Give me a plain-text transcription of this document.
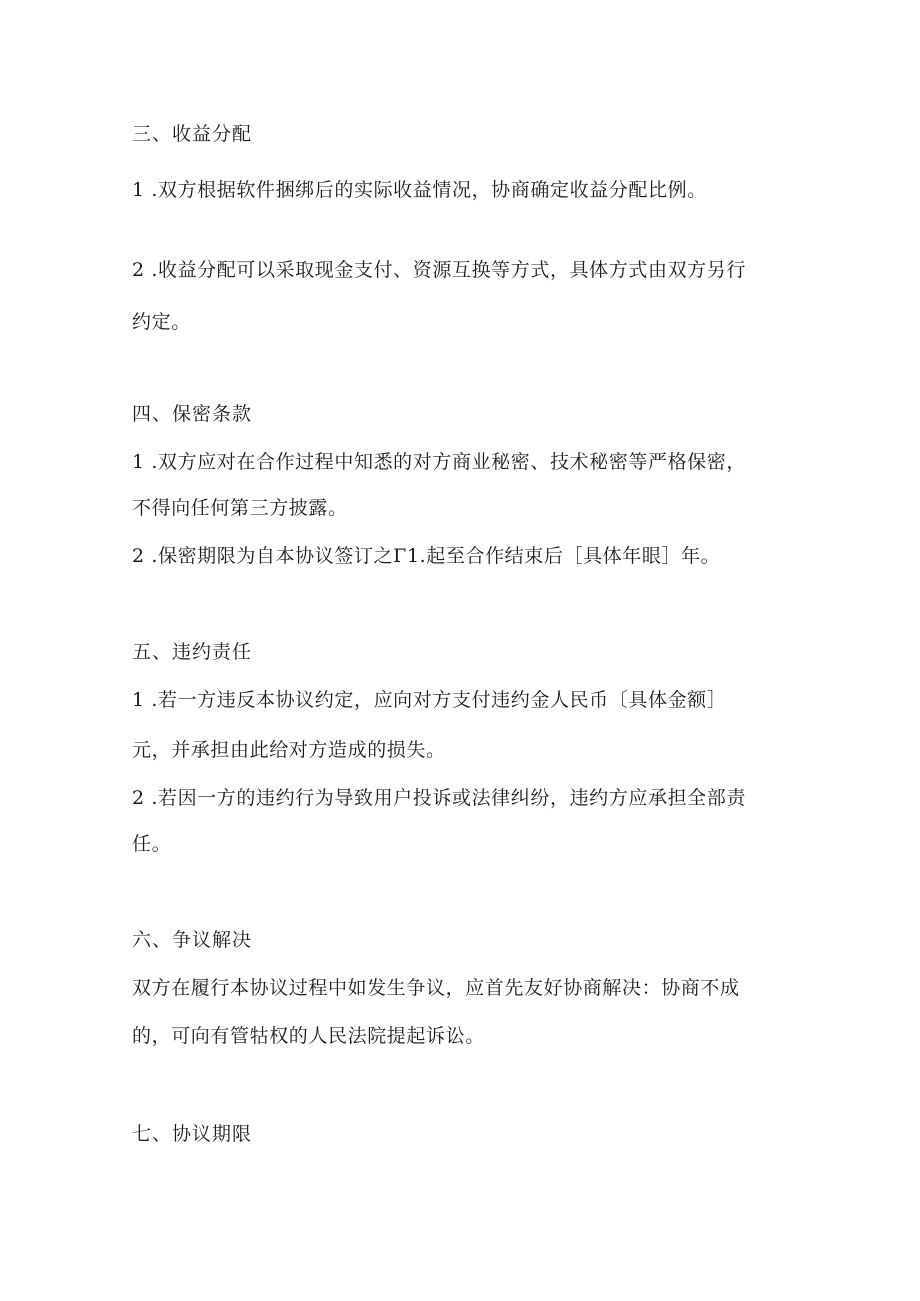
三、收益分配
1 .双方根据软件捆绑后的实际收益情况，协商确定收益分配比例。
2 .收益分配可以采取现金支付、资源互换等方式，具体方式由双方另行
约定。
四、保密条款
1 .双方应对在合作过程中知悉的对方商业秘密、技术秘密等严格保密，
不得向任何第三方披露。
2 .保密期限为自本协议签订之Γ1.起至合作结束后［具体年眼］年。
五、违约责任
1 .若一方违反本协议约定，应向对方支付违约金人民币〔具体金额］
元，并承担由此给对方造成的损失。
2 .若因一方的违约行为导致用户投诉或法律纠纷，违约方应承担全部责
任。
六、争议解决
双方在履行本协议过程中如发生争议，应首先友好协商解决：协商不成
的，可向有管牯权的人民法院提起诉讼。
七、协议期限
